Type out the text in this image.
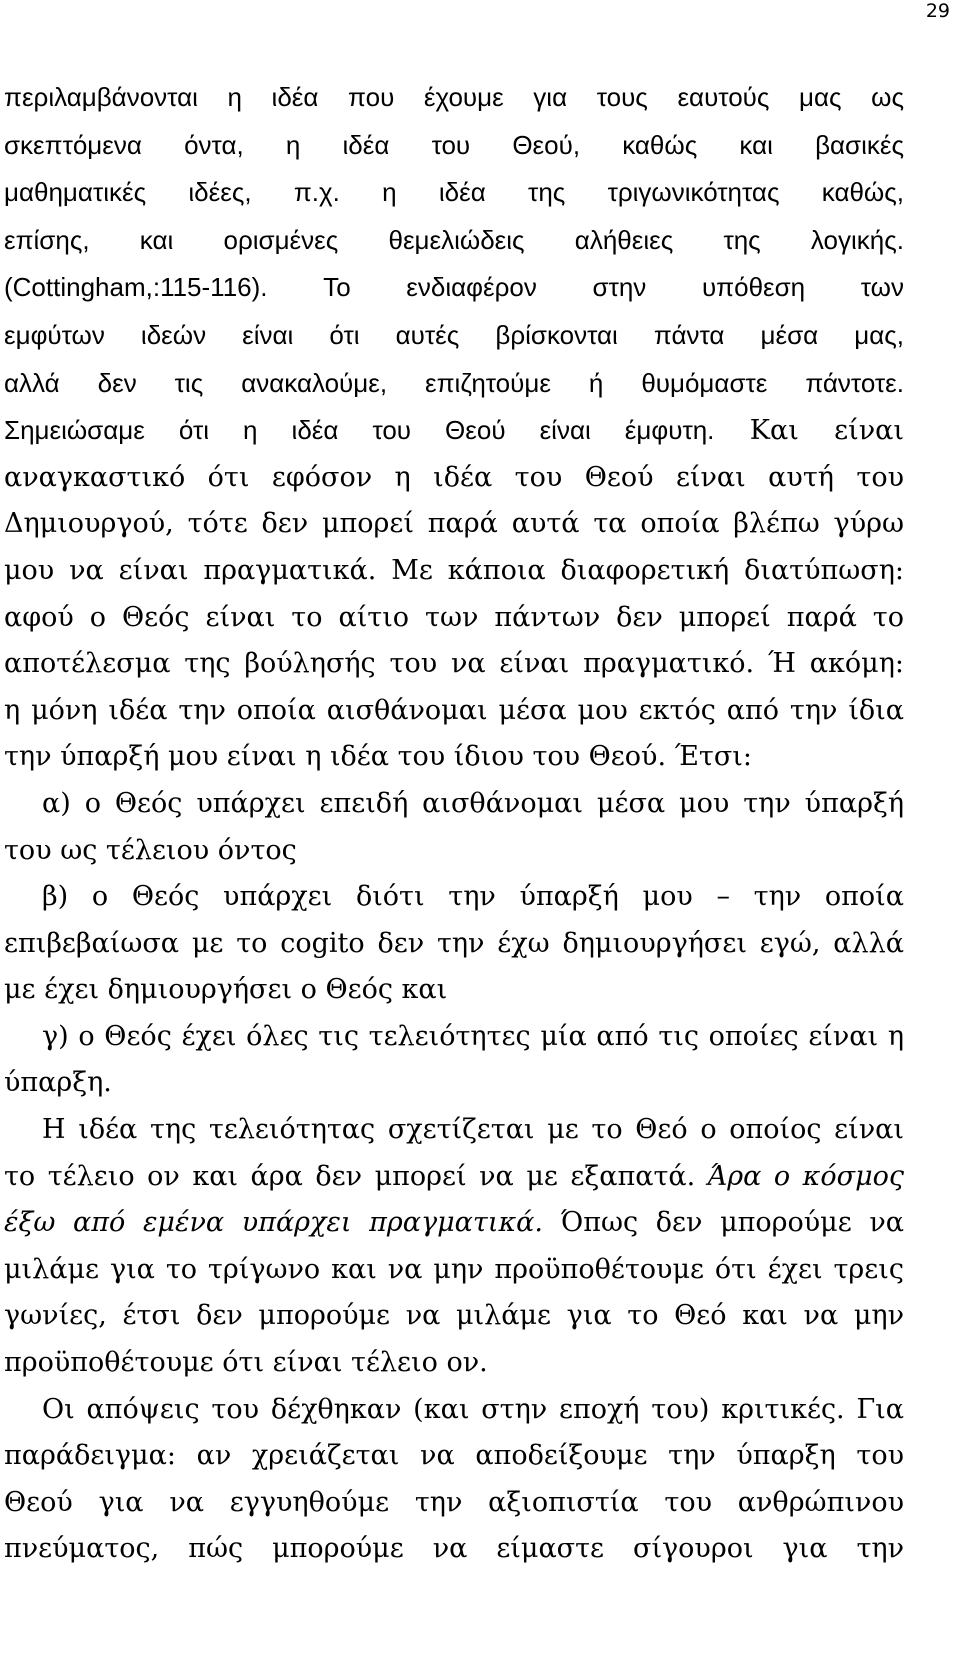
29
περιλαμβάνονται η ιδέα που έχουμε για τους εαυτούς μας ως
σκεπτόμενα όντα, η ιδέα του Θεού, καθώς και βασικές
μαθηματικές ιδέες, π.χ. η ιδέα της τριγωνικότητας καθώς,
επίσης, και ορισμένες θεμελιώδεις αλήθειες της λογικής.
(Cottingham,:115-116). Το ενδιαφέρον στην υπόθεση των
εμφύτων ιδεών είναι ότι αυτές βρίσκονται πάντα μέσα μας,
αλλά δεν τις ανακαλούμε, επιζητούμε ή θυμόμαστε πάντοτε.
Σημειώσαμε ότι η ιδέα του Θεού είναι έμφυτη. Και είναι
αναγκαστικό ότι εφόσον η ιδέα του Θεού είναι αυτή του
Δημιουργού, τότε δεν μπορεί παρά αυτά τα οποία βλέπω γύρω
μου να είναι πραγματικά. Με κάποια διαφορετική διατύπωση:
αφού ο Θεός είναι το αίτιο των πάντων δεν μπορεί παρά το
αποτέλεσμα της βούλησής του να είναι πραγματικό. Ή ακόμη:
η μόνη ιδέα την οποία αισθάνομαι μέσα μου εκτός από την ίδια
την ύπαρξή μου είναι η ιδέα του ίδιου του Θεού. Έτσι:
α) ο Θεός υπάρχει επειδή αισθάνομαι μέσα μου την ύπαρξή
του ως τέλειου όντος
β) ο Θεός υπάρχει διότι την ύπαρξή μου – την οποία
επιβεβαίωσα με το cogito δεν την έχω δημιουργήσει εγώ, αλλά
με έχει δημιουργήσει ο Θεός και
γ) ο Θεός έχει όλες τις τελειότητες μία από τις οποίες είναι η
ύπαρξη.
Η ιδέα της τελειότητας σχετίζεται με το Θεό ο οποίος είναι
το τέλειο ον και άρα δεν μπορεί να με εξαπατά. Άρα ο κόσμος
έξω από εμένα υπάρχει πραγματικά. Όπως δεν μπορούμε να
μιλάμε για το τρίγωνο και να μην προϋποθέτουμε ότι έχει τρεις
γωνίες, έτσι δεν μπορούμε να μιλάμε για το Θεό και να μην
προϋποθέτουμε ότι είναι τέλειο ον.
Οι απόψεις του δέχθηκαν (και στην εποχή του) κριτικές. Για
παράδειγμα: αν χρειάζεται να αποδείξουμε την ύπαρξη του
Θεού για να εγγυηθούμε την αξιοπιστία του ανθρώπινου
πνεύματος, πώς μπορούμε να είμαστε σίγουροι για την
